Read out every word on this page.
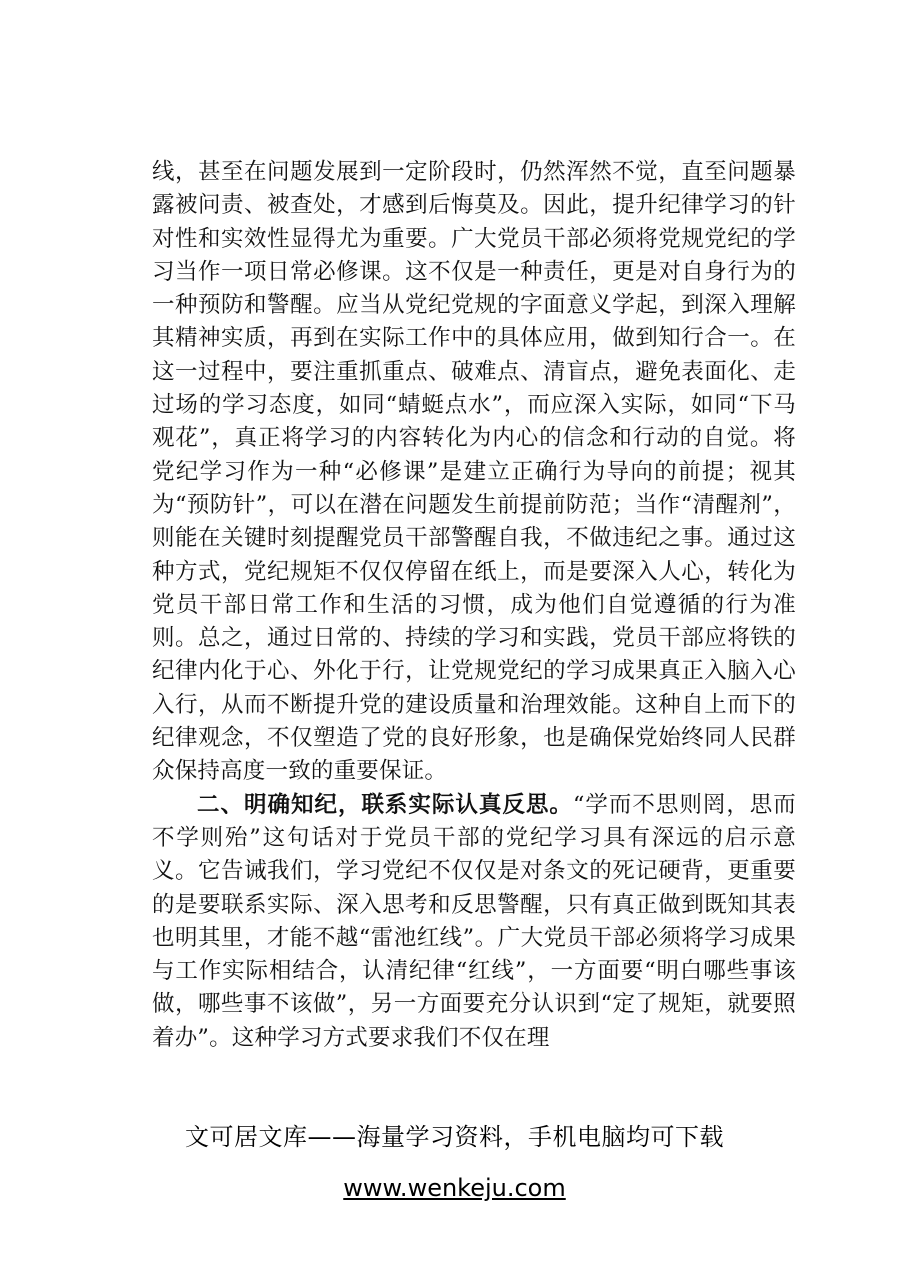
线，甚至在问题发展到一定阶段时，仍然浑然不觉，直至问题暴露被问责、被查处，才感到后悔莫及。因此，提升纪律学习的针对性和实效性显得尤为重要。广大党员干部必须将党规党纪的学习当作一项日常必修课。这不仅是一种责任，更是对自身行为的一种预防和警醒。应当从党纪党规的字面意义学起，到深入理解其精神实质，再到在实际工作中的具体应用，做到知行合一。在这一过程中，要注重抓重点、破难点、清盲点，避免表面化、走过场的学习态度，如同“蜻蜓点水”，而应深入实际，如同“下马观花”，真正将学习的内容转化为内心的信念和行动的自觉。将党纪学习作为一种“必修课”是建立正确行为导向的前提；视其为“预防针”，可以在潜在问题发生前提前防范；当作“清醒剂”，则能在关键时刻提醒党员干部警醒自我，不做违纪之事。通过这种方式，党纪规矩不仅仅停留在纸上，而是要深入人心，转化为党员干部日常工作和生活的习惯，成为他们自觉遵循的行为准则。总之，通过日常的、持续的学习和实践，党员干部应将铁的纪律内化于心、外化于行，让党规党纪的学习成果真正入脑入心入行，从而不断提升党的建设质量和治理效能。这种自上而下的纪律观念，不仅塑造了党的良好形象，也是确保党始终同人民群众保持高度一致的重要保证。

二、明确知纪，联系实际认真反思。“学而不思则罔，思而不学则殆”这句话对于党员干部的党纪学习具有深远的启示意义。它告诫我们，学习党纪不仅仅是对条文的死记硬背，更重要的是要联系实际、深入思考和反思警醒，只有真正做到既知其表也明其里，才能不越“雷池红线”。广大党员干部必须将学习成果与工作实际相结合，认清纪律“红线”，一方面要“明白哪些事该做，哪些事不该做”，另一方面要充分认识到“定了规矩，就要照着办”。这种学习方式要求我们不仅在理

文可居文库——海量学习资料，手机电脑均可下载
www.wenkeju.com
